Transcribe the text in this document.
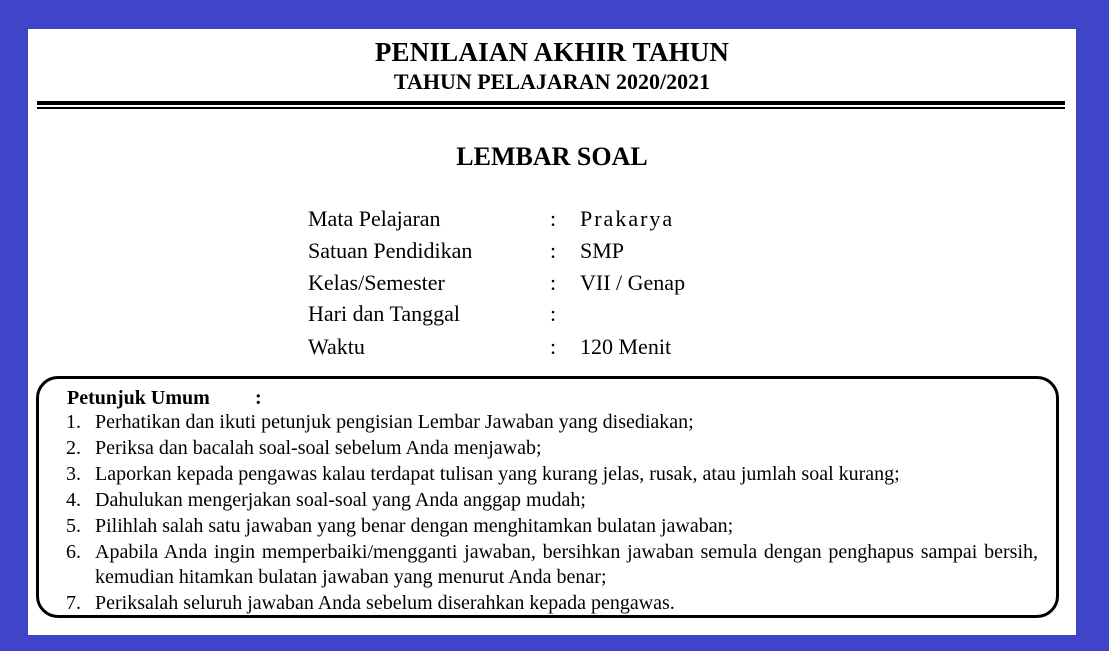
PENILAIAN AKHIR TAHUN
TAHUN PELAJARAN 2020/2021
LEMBAR SOAL
Mata Pelajaran	: Prakarya
Satuan Pendidikan	: SMP
Kelas/Semester	: VII / Genap
Hari dan Tanggal	:
Waktu	: 120 Menit
Petunjuk Umum :
1. Perhatikan dan ikuti petunjuk pengisian Lembar Jawaban yang disediakan;
2. Periksa dan bacalah soal-soal sebelum Anda menjawab;
3. Laporkan kepada pengawas kalau terdapat tulisan yang kurang jelas, rusak, atau jumlah soal kurang;
4. Dahulukan mengerjakan soal-soal yang Anda anggap mudah;
5. Pilihlah salah satu jawaban yang benar dengan menghitamkan bulatan jawaban;
6. Apabila Anda ingin memperbaiki/mengganti jawaban, bersihkan jawaban semula dengan penghapus sampai bersih, kemudian hitamkan bulatan jawaban yang menurut Anda benar;
7. Periksalah seluruh jawaban Anda sebelum diserahkan kepada pengawas.
